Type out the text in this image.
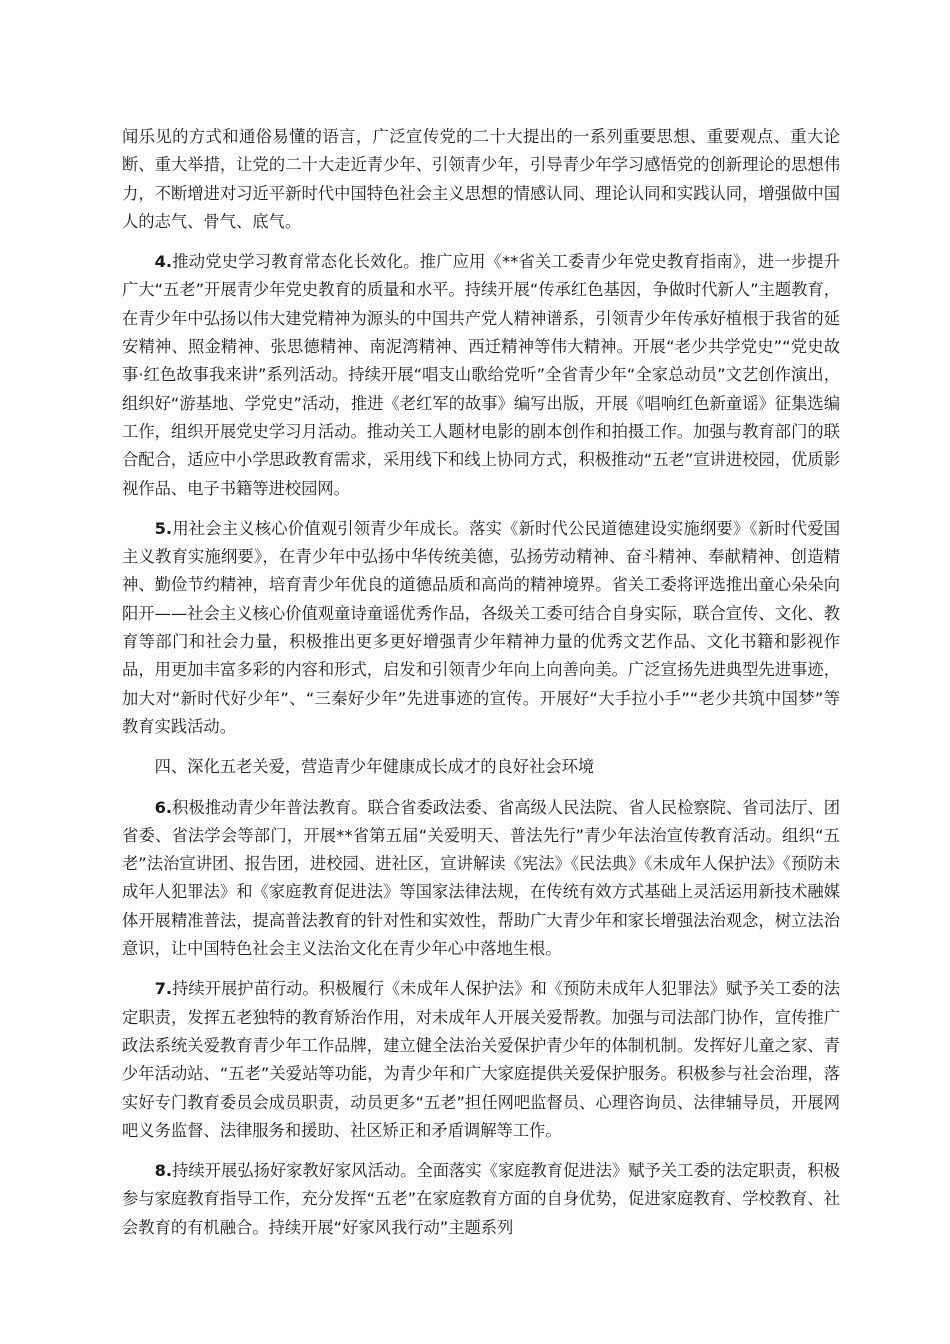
闻乐见的方式和通俗易懂的语言，广泛宣传党的二十大提出的一系列重要思想、重要观点、重大论断、重大举措，让党的二十大走近青少年、引领青少年，引导青少年学习感悟党的创新理论的思想伟力，不断增进对习近平新时代中国特色社会主义思想的情感认同、理论认同和实践认同，增强做中国人的志气、骨气、底气。

4.推动党史学习教育常态化长效化。推广应用《**省关工委青少年党史教育指南》，进一步提升广大“五老”开展青少年党史教育的质量和水平。持续开展“传承红色基因，争做时代新人”主题教育，在青少年中弘扬以伟大建党精神为源头的中国共产党人精神谱系，引领青少年传承好植根于我省的延安精神、照金精神、张思德精神、南泥湾精神、西迁精神等伟大精神。开展“老少共学党史”“党史故事·红色故事我来讲”系列活动。持续开展“唱支山歌给党听”全省青少年“全家总动员”文艺创作演出，组织好“游基地、学党史”活动，推进《老红军的故事》编写出版，开展《唱响红色新童谣》征集选编工作，组织开展党史学习月活动。推动关工人题材电影的剧本创作和拍摄工作。加强与教育部门的联合配合，适应中小学思政教育需求，采用线下和线上协同方式，积极推动“五老”宣讲进校园，优质影视作品、电子书籍等进校园网。

5.用社会主义核心价值观引领青少年成长。落实《新时代公民道德建设实施纲要》《新时代爱国主义教育实施纲要》，在青少年中弘扬中华传统美德，弘扬劳动精神、奋斗精神、奉献精神、创造精神、勤俭节约精神，培育青少年优良的道德品质和高尚的精神境界。省关工委将评选推出童心朵朵向阳开——社会主义核心价值观童诗童谣优秀作品，各级关工委可结合自身实际，联合宣传、文化、教育等部门和社会力量，积极推出更多更好增强青少年精神力量的优秀文艺作品、文化书籍和影视作品，用更加丰富多彩的内容和形式，启发和引领青少年向上向善向美。广泛宣扬先进典型先进事迹，加大对“新时代好少年”、“三秦好少年”先进事迹的宣传。开展好“大手拉小手”“老少共筑中国梦”等教育实践活动。

四、深化五老关爱，营造青少年健康成长成才的良好社会环境

6.积极推动青少年普法教育。联合省委政法委、省高级人民法院、省人民检察院、省司法厅、团省委、省法学会等部门，开展**省第五届“关爱明天、普法先行”青少年法治宣传教育活动。组织“五老”法治宣讲团、报告团，进校园、进社区，宣讲解读《宪法》《民法典》《未成年人保护法》《预防未成年人犯罪法》和《家庭教育促进法》等国家法律法规，在传统有效方式基础上灵活运用新技术融媒体开展精准普法，提高普法教育的针对性和实效性，帮助广大青少年和家长增强法治观念，树立法治意识，让中国特色社会主义法治文化在青少年心中落地生根。

7.持续开展护苗行动。积极履行《未成年人保护法》和《预防未成年人犯罪法》赋予关工委的法定职责，发挥五老独特的教育矫治作用，对未成年人开展关爱帮教。加强与司法部门协作，宣传推广政法系统关爱教育青少年工作品牌，建立健全法治关爱保护青少年的体制机制。发挥好儿童之家、青少年活动站、“五老”关爱站等功能，为青少年和广大家庭提供关爱保护服务。积极参与社会治理，落实好专门教育委员会成员职责，动员更多“五老”担任网吧监督员、心理咨询员、法律辅导员，开展网吧义务监督、法律服务和援助、社区矫正和矛盾调解等工作。

8.持续开展弘扬好家教好家风活动。全面落实《家庭教育促进法》赋予关工委的法定职责，积极参与家庭教育指导工作，充分发挥“五老”在家庭教育方面的自身优势，促进家庭教育、学校教育、社会教育的有机融合。持续开展“好家风我行动”主题系列
